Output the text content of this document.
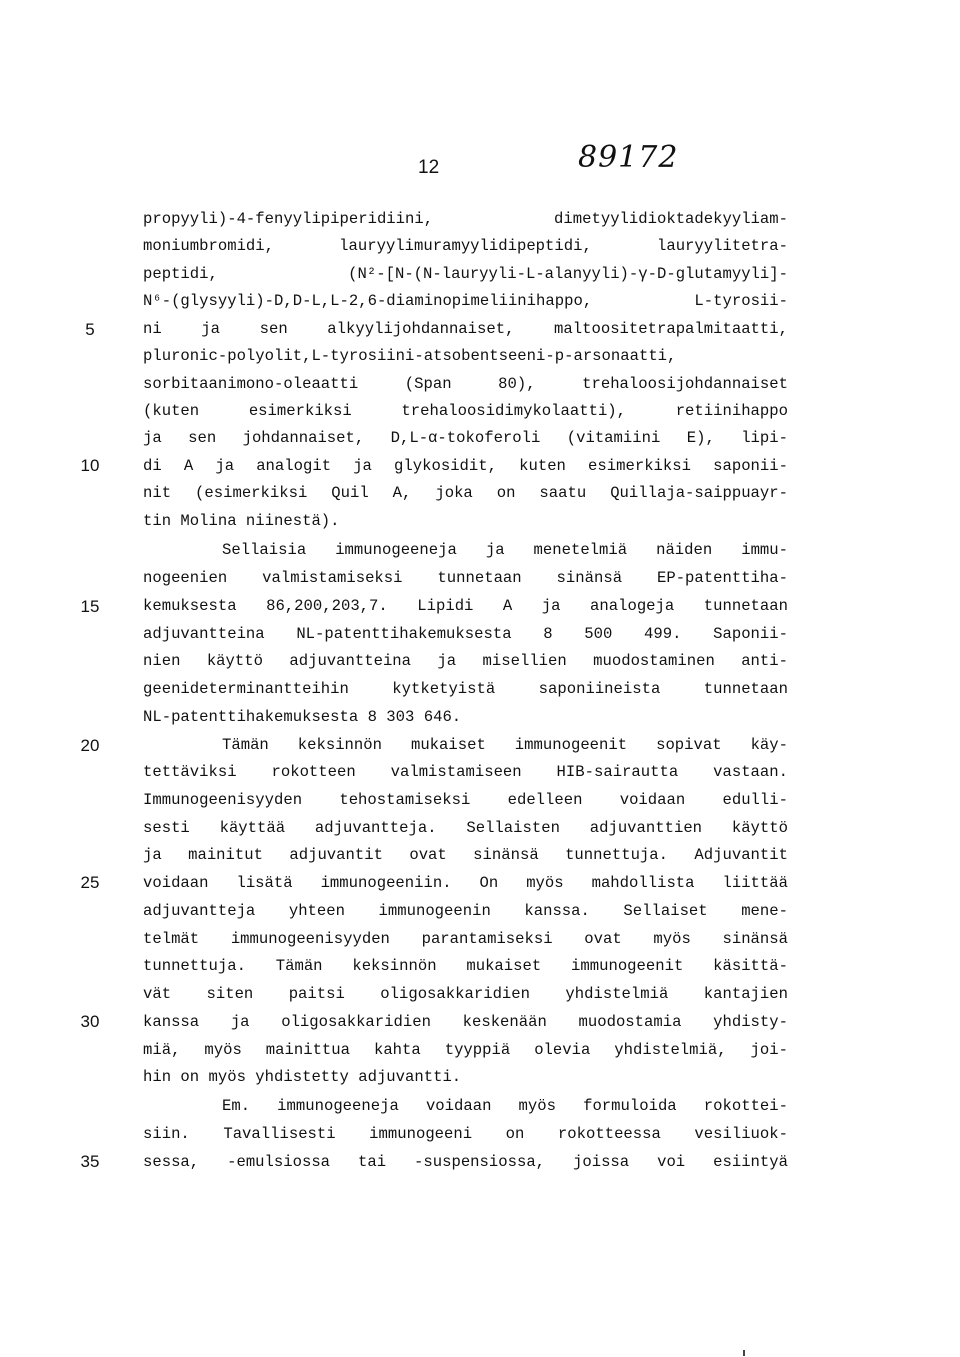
12	89172
5
10
15
20
25
30
35
propyyli)-4-fenyylipiperidiini, dimetyylidioktadekyyliam-
moniumbromidi, lauryylimuramyylidipeptidi, lauryylitetra-
peptidi, (N²-[N-(N-lauryyli-L-alanyyli)-γ-D-glutamyyli]-
N⁶-(glysyyli)-D,D-L,L-2,6-diaminopimeliinihappo, L-tyrosii-
ni ja sen alkyylijohdannaiset, maltoositetrapalmitaatti,
pluronic-polyolit,L-tyrosiini-atsobentseeni-p-arsonaatti,
sorbitaanimono-oleaatti (Span 80), trehaloosijohdannaiset
(kuten esimerkiksi trehaloosidimykolaatti), retiinihappo
ja sen johdannaiset, D,L-α-tokoferoli (vitamiini E), lipi-
di A ja analogit ja glykosidit, kuten esimerkiksi saponii-
nit (esimerkiksi Quil A, joka on saatu Quillaja-saippuayr-
tin Molina niinestä).
Sellaisia immunogeeneja ja menetelmiä näiden immu-
nogeenien valmistamiseksi tunnetaan sinänsä EP-patenttiha-
kemuksesta 86,200,203,7. Lipidi A ja analogeja tunnetaan
adjuvantteina NL-patenttihakemuksesta 8 500 499. Saponii-
nien käyttö adjuvantteina ja misellien muodostaminen anti-
geenideterminantteihin kytketyistä saponiineista tunnetaan
NL-patenttihakemuksesta 8 303 646.
Tämän keksinnön mukaiset immunogeenit sopivat käy-
tettäviksi rokotteen valmistamiseen HIB-sairautta vastaan.
Immunogeenisyyden tehostamiseksi edelleen voidaan edulli-
sesti käyttää adjuvantteja. Sellaisten adjuvanttien käyttö
ja mainitut adjuvantit ovat sinänsä tunnettuja. Adjuvantit
voidaan lisätä immunogeeniin. On myös mahdollista liittää
adjuvantteja yhteen immunogeenin kanssa. Sellaiset mene-
telmät immunogeenisyyden parantamiseksi ovat myös sinänsä
tunnettuja. Tämän keksinnön mukaiset immunogeenit käsittä-
vät siten paitsi oligosakkaridien yhdistelmiä kantajien
kanssa ja oligosakkaridien keskenään muodostamia yhdisty-
miä, myös mainittua kahta tyyppiä olevia yhdistelmiä, joi-
hin on myös yhdistetty adjuvantti.
Em. immunogeeneja voidaan myös formuloida rokottei-
siin. Tavallisesti immunogeeni on rokotteessa vesiliuok-
sessa, -emulsiossa tai -suspensiossa, joissa voi esiintyä
